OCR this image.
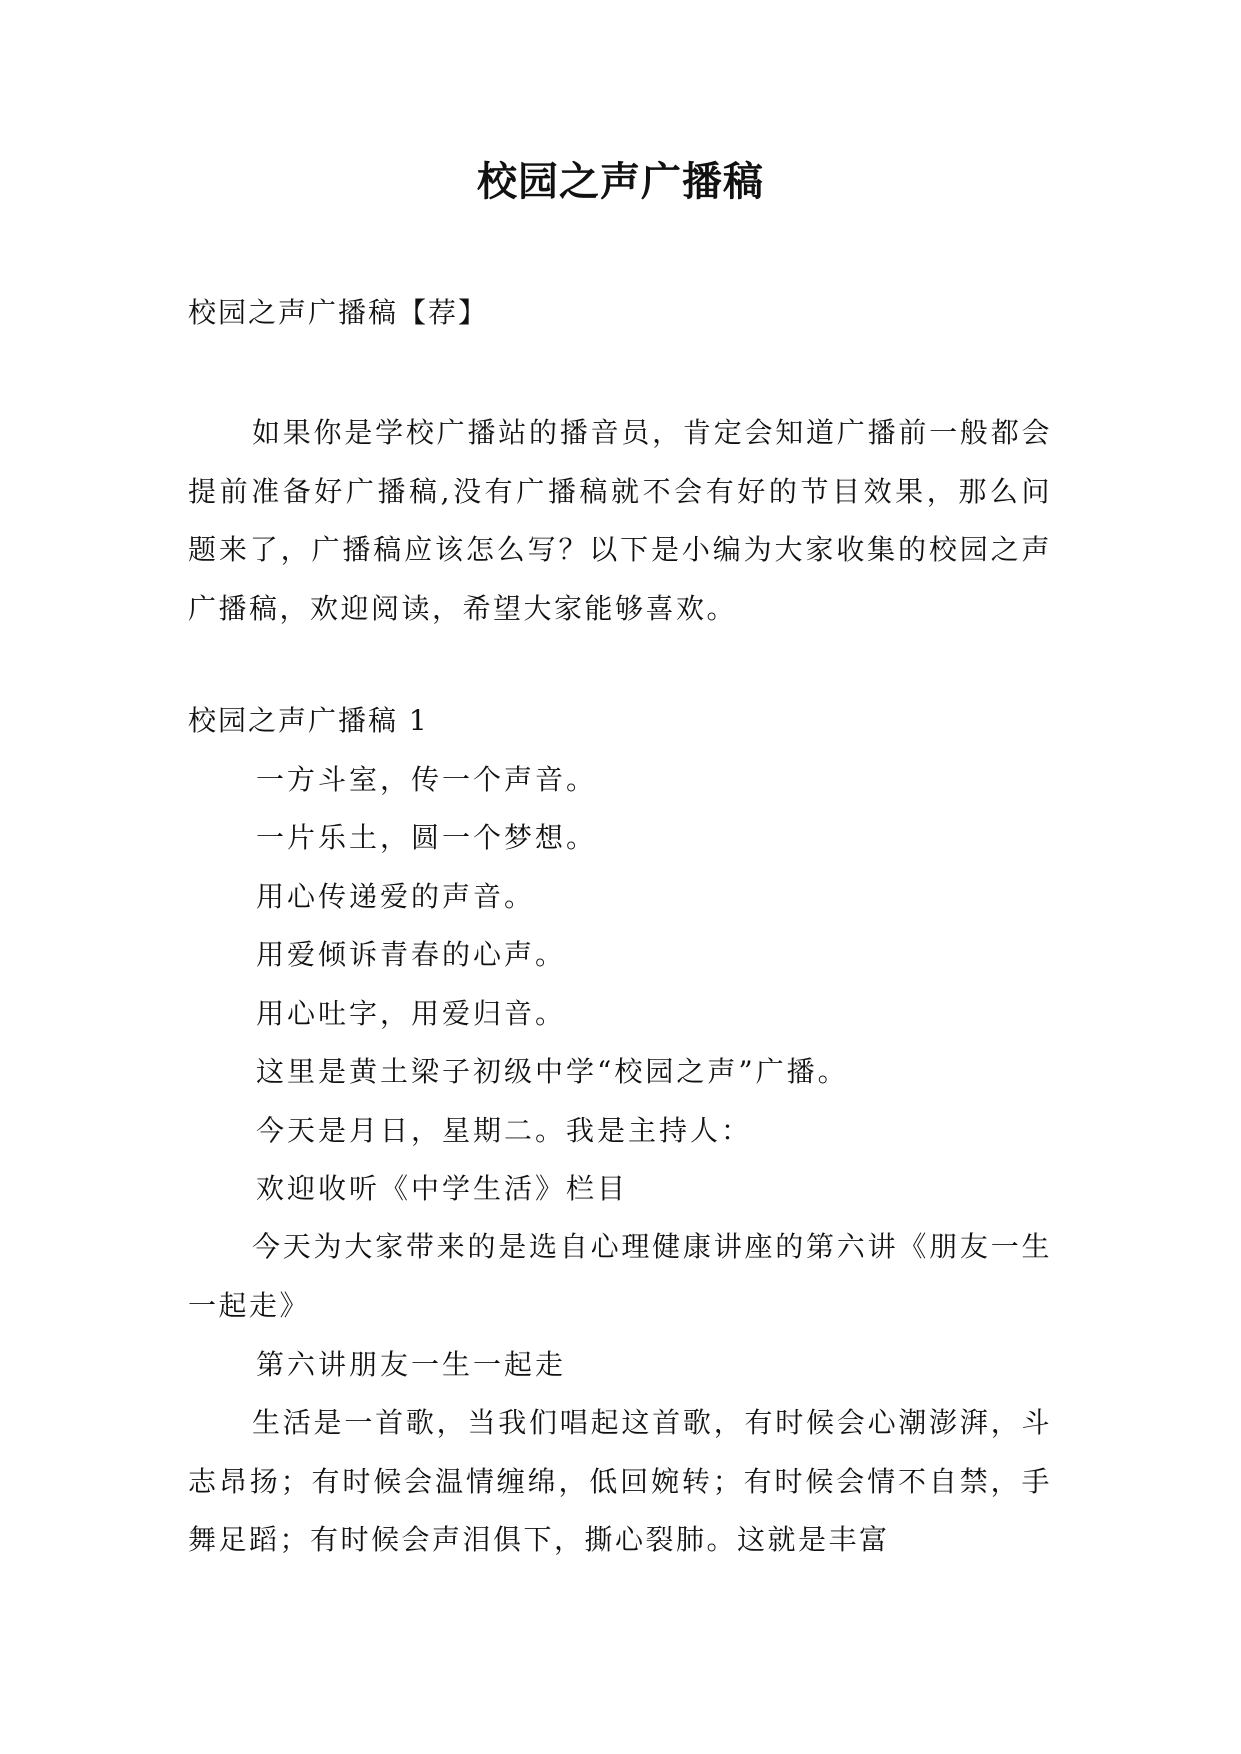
校园之声广播稿
校园之声广播稿【荐】

如果你是学校广播站的播音员，肯定会知道广播前一般都会提前准备好广播稿,没有广播稿就不会有好的节目效果，那么问题来了，广播稿应该怎么写？以下是小编为大家收集的校园之声广播稿，欢迎阅读，希望大家能够喜欢。

校园之声广播稿 1
一方斗室，传一个声音。
一片乐土，圆一个梦想。
用心传递爱的声音。
用爱倾诉青春的心声。
用心吐字，用爱归音。
这里是黄土梁子初级中学“校园之声”广播。
今天是月日，星期二。我是主持人：
欢迎收听《中学生活》栏目

今天为大家带来的是选自心理健康讲座的第六讲《朋友一生一起走》

第六讲朋友一生一起走

生活是一首歌，当我们唱起这首歌，有时候会心潮澎湃，斗志昂扬；有时候会温情缠绵，低回婉转；有时候会情不自禁，手舞足蹈；有时候会声泪俱下，撕心裂肺。这就是丰富
